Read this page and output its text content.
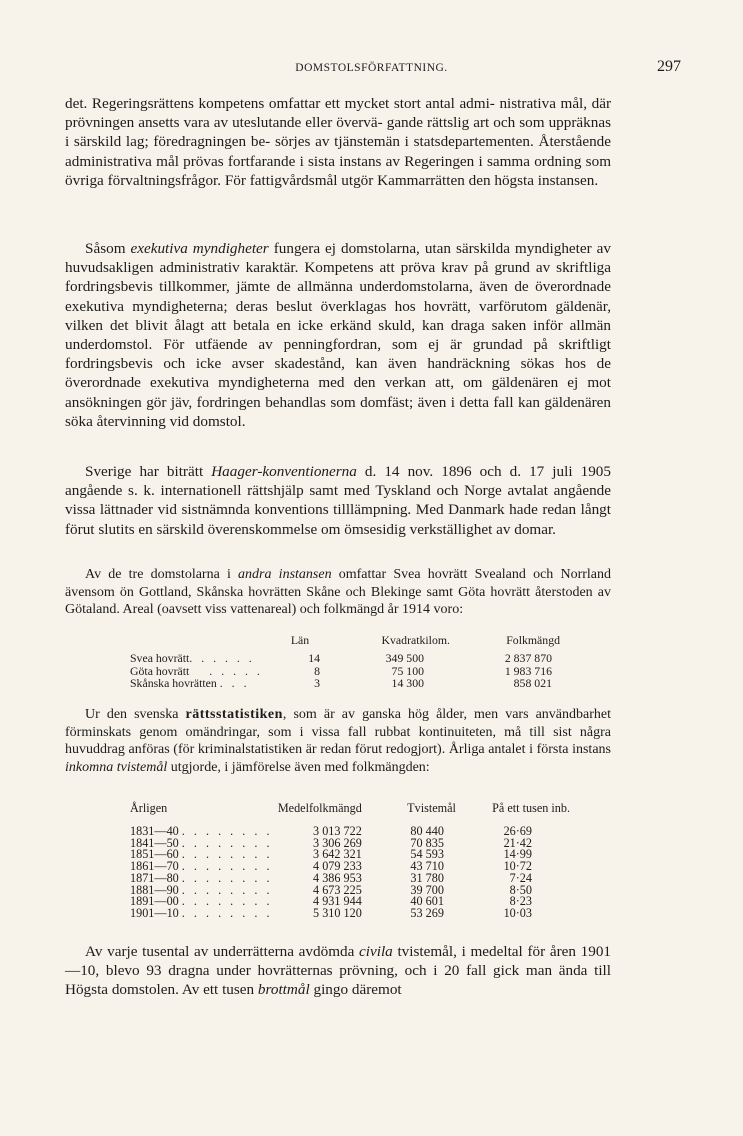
DOMSTOLSFÖRFATTNING.	297

det. Regeringsrättens kompetens omfattar ett mycket stort antal admi- nistrativa mål, där prövningen ansetts vara av uteslutande eller övervä- gande rättslig art och som uppräknas i särskild lag; föredragningen be- sörjes av tjänstemän i statsdepartementen. Återstående administrativa mål prövas fortfarande i sista instans av Regeringen i samma ordning som övriga förvaltningsfrågor. För fattigvårdsmål utgör Kammarrätten den högsta instansen.

Såsom exekutiva myndigheter fungera ej domstolarna, utan särskilda myndigheter av huvudsakligen administrativ karaktär. Kompetens att pröva krav på grund av skriftliga fordringsbevis tillkommer, jämte de allmänna underdomstolarna, även de överordnade exekutiva myndigheterna; deras beslut överklagas hos hovrätt, varförutom gäldenär, vilken det blivit ålagt att betala en icke erkänd skuld, kan draga saken inför allmän underdomstol. För utfäende av penningfordran, som ej är grundad på skriftligt fordringsbevis och icke avser skadestånd, kan även handräckning sökas hos de överordnade exekutiva myndigheterna med den verkan att, om gäldenären ej mot ansökningen gör jäv, fordringen behandlas som domfäst; även i detta fall kan gäldenären söka återvinning vid domstol.

Sverige har biträtt Haager-konventionerna d. 14 nov. 1896 och d. 17 juli 1905 angående s. k. internationell rättshjälp samt med Tyskland och Norge avtalat angående vissa lättnader vid sistnämnda konventions tilllämpning. Med Danmark hade redan långt förut slutits en särskild överenskommelse om ömsesidig verkställighet av domar.

Av de tre domstolarna i andra instansen omfattar Svea hovrätt Svealand och Norrland ävensom ön Gottland, Skånska hovrätten Skåne och Blekinge samt Göta hovrätt återstoden av Götaland. Areal (oavsett viss vattenareal) och folkmängd år 1914 voro:

	Län	Kvadratkilom.	Folkmängd
Svea hovrätt. . . . . .	14	349 500	2 837 870
Göta hovrätt . . . . .	8	75 100	1 983 716
Skånska hovrätten . . .	3	14 300	858 021

Ur den svenska rättsstatistiken, som är av ganska hög ålder, men vars användbarhet förminskats genom omändringar, som i vissa fall rubbat kontinuiteten, må till sist några huvuddrag anföras (för kriminalstatistiken är redan förut redogjort). Årliga antalet i första instans inkomna tvistemål utgjorde, i jämförelse även med folkmängden:

Årligen	Medelfolkmängd	Tvistemål	På ett tusen inb.
1831—40 . . . . . . . .	3 013 722	80 440	26·69
1841—50 . . . . . . . .	3 306 269	70 835	21·42
1851—60 . . . . . . . .	3 642 321	54 593	14·99
1861—70 . . . . . . . .	4 079 233	43 710	10·72
1871—80 . . . . . . . .	4 386 953	31 780	7·24
1881—90 . . . . . . . .	4 673 225	39 700	8·50
1891—00 . . . . . . . .	4 931 944	40 601	8·23
1901—10 . . . . . . . .	5 310 120	53 269	10·03

Av varje tusental av underrätterna avdömda civila tvistemål, i medeltal för åren 1901—10, blevo 93 dragna under hovrätternas prövning, och i 20 fall gick man ända till Högsta domstolen. Av ett tusen brottmål gingo däremot
